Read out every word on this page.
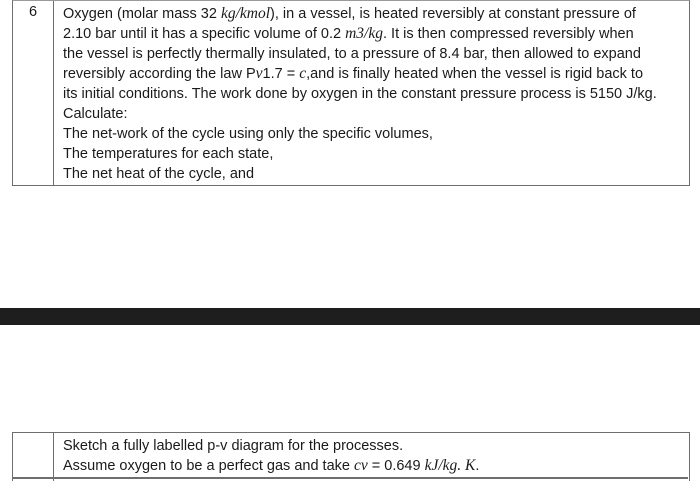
6	Oxygen (molar mass 32 kg/kmol), in a vessel, is heated reversibly at constant pressure of
2.10 bar until it has a specific volume of 0.2 m3/kg. It is then compressed reversibly when
the vessel is perfectly thermally insulated, to a pressure of 8.4 bar, then allowed to expand
reversibly according the law Pv1.7 = c,and is finally heated when the vessel is rigid back to
its initial conditions. The work done by oxygen in the constant pressure process is 5150 J/kg.
Calculate:
The net-work of the cycle using only the specific volumes,
The temperatures for each state,
The net heat of the cycle, and
Sketch a fully labelled p-v diagram for the processes.
Assume oxygen to be a perfect gas and take cv = 0.649 kJ/kg. K.
